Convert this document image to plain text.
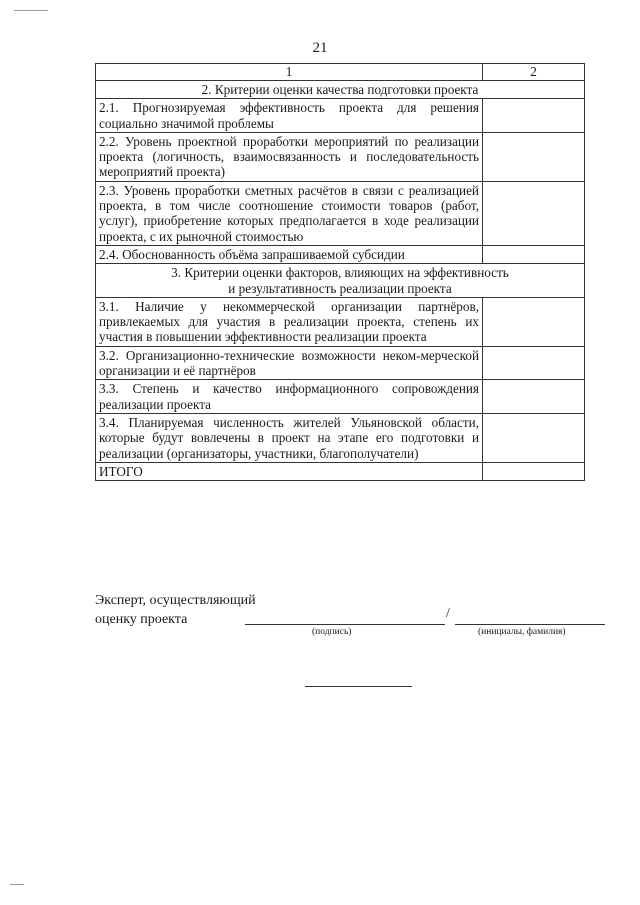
21
1	2
2. Критерии оценки качества подготовки проекта	
2.1. Прогнозируемая эффективность проекта для решения социально значимой проблемы	
2.2. Уровень проектной проработки мероприятий по реализации проекта (логичность, взаимосвязанность и последовательность мероприятий проекта)	
2.3. Уровень проработки сметных расчётов в связи с реализацией проекта, в том числе соотношение стоимости товаров (работ, услуг), приобретение которых предполагается в ходе реализации проекта, с их рыночной стоимостью	
2.4. Обоснованность объёма запрашиваемой субсидии	

3. Критерии оценки факторов, влияющих на эффективность
и результативность реализации проекта	

3.1. Наличие у некоммерческой организации партнёров, привлекаемых для участия в реализации проекта, степень их участия в повышении эффективности реализации проекта	
3.2. Организационно-технические возможности неком-мерческой организации и её партнёров	
3.3. Степень и качество информационного сопровождения реализации проекта	
3.4. Планируемая численность жителей Ульяновской области, которые будут вовлечены в проект на этапе его подготовки и реализации (организаторы, участники, благополучатели)	
ИТОГО	
Эксперт, осуществляющий
оценку проекта	/
(подпись)	(инициалы, фамилия)
